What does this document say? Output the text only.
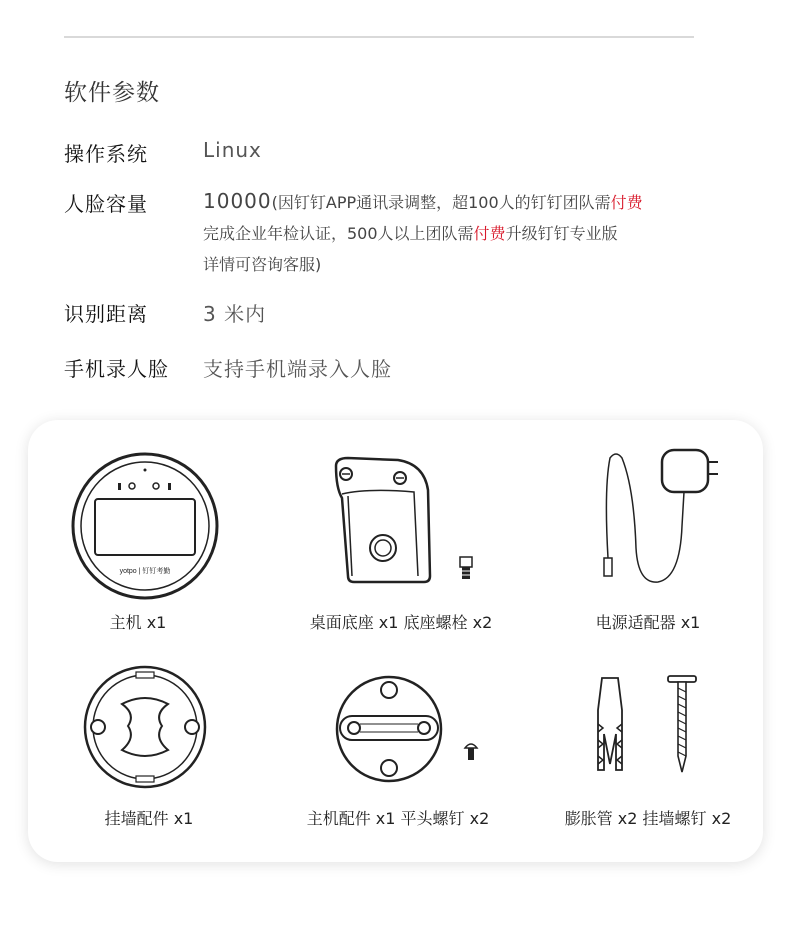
软件参数
操作系统	Linux
人脸容量	10000(因钉钉APP通讯录调整，超100人的钉钉团队需付费
完成企业年检认证，500人以上团队需付费升级钉钉专业版
详情可咨询客服)
识别距离	3 米内
手机录人脸 支持手机端录入人脸
yotpo | 钉钉考勤
主机 x1	桌面底座 x1 底座螺栓 x2	电源适配器 x1
挂墙配件 x1	主机配件 x1 平头螺钉 x2	膨胀管 x2 挂墙螺钉 x2
